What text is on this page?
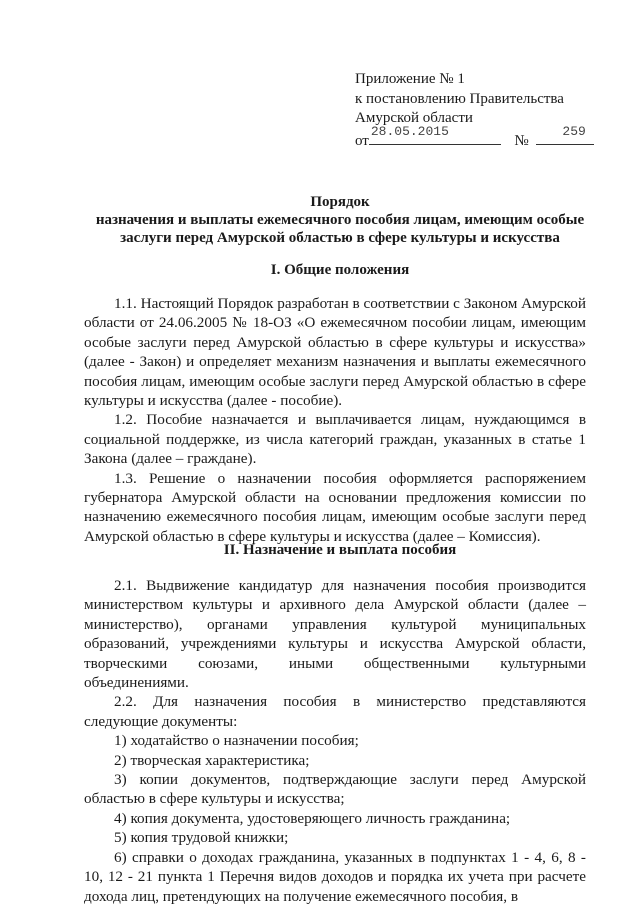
Приложение № 1
к постановлению Правительства
Амурской области
от
28.05.2015
№
259
Порядок
назначения и выплаты ежемесячного пособия лицам, имеющим особые
заслуги перед Амурской областью в сфере культуры и искусства
I. Общие положения

1.1. Настоящий Порядок разработан в соответствии с Законом Амурской области от 24.06.2005 № 18-ОЗ «О ежемесячном пособии лицам, имеющим особые заслуги перед Амурской областью в сфере культуры и искусства» (далее - Закон) и определяет механизм назначения и выплаты ежемесячного пособия лицам, имеющим особые заслуги перед Амурской областью в сфере культуры и искусства (далее - пособие).

1.2. Пособие назначается и выплачивается лицам, нуждающимся в социальной поддержке, из числа категорий граждан, указанных в статье 1 Закона (далее – граждане).

1.3. Решение о назначении пособия оформляется распоряжением губернатора Амурской области на основании предложения комиссии по назначению ежемесячного пособия лицам, имеющим особые заслуги перед Амурской областью в сфере культуры и искусства (далее – Комиссия).

II. Назначение и выплата пособия

2.1. Выдвижение кандидатур для назначения пособия производится министерством культуры и архивного дела Амурской области (далее – министерство), органами управления культурой муниципальных образований, учреждениями культуры и искусства Амурской области, творческими союзами, иными общественными культурными объединениями.

2.2. Для назначения пособия в министерство представляются следующие документы:

1) ходатайство о назначении пособия;

2) творческая характеристика;

3) копии документов, подтверждающие заслуги перед Амурской областью в сфере культуры и искусства;

4) копия документа, удостоверяющего личность гражданина;

5) копия трудовой книжки;

6) справки о доходах гражданина, указанных в подпунктах 1 - 4, 6, 8 - 10, 12 - 21 пункта 1 Перечня видов доходов и порядка их учета при расчете дохода лиц, претендующих на получение ежемесячного пособия, в
